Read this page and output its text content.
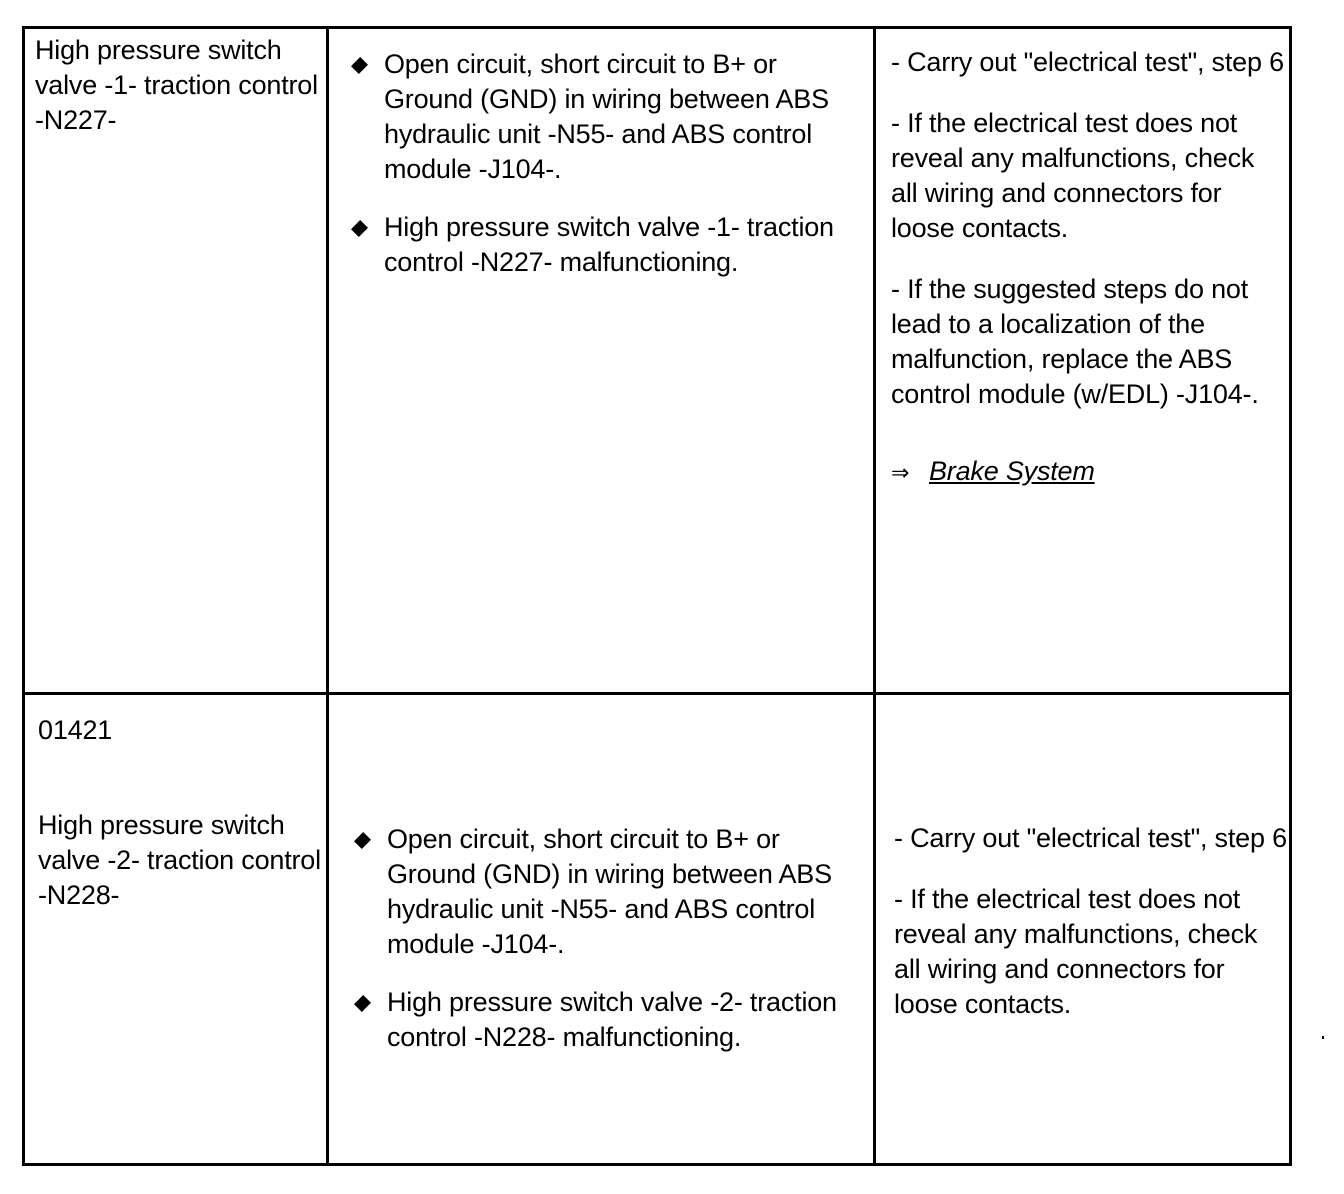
High pressure switch valve -1- traction control -N227-
Open circuit, short circuit to B+ or Ground (GND) in wiring between ABS hydraulic unit -N55- and ABS control module -J104-.
High pressure switch valve -1- traction control -N227- malfunctioning.

- Carry out "electrical test", step 6

- If the electrical test does not reveal any malfunctions, check all wiring and connectors for loose contacts.

- If the suggested steps do not lead to a localization of the malfunction, replace the ABS control module (w/EDL) -J104-.

⇒ Brake System
01421
High pressure switch valve -2- traction control -N228-
Open circuit, short circuit to B+ or Ground (GND) in wiring between ABS hydraulic unit -N55- and ABS control module -J104-.
High pressure switch valve -2- traction control -N228- malfunctioning.

- Carry out "electrical test", step 6

- If the electrical test does not reveal any malfunctions, check all wiring and connectors for loose contacts.
